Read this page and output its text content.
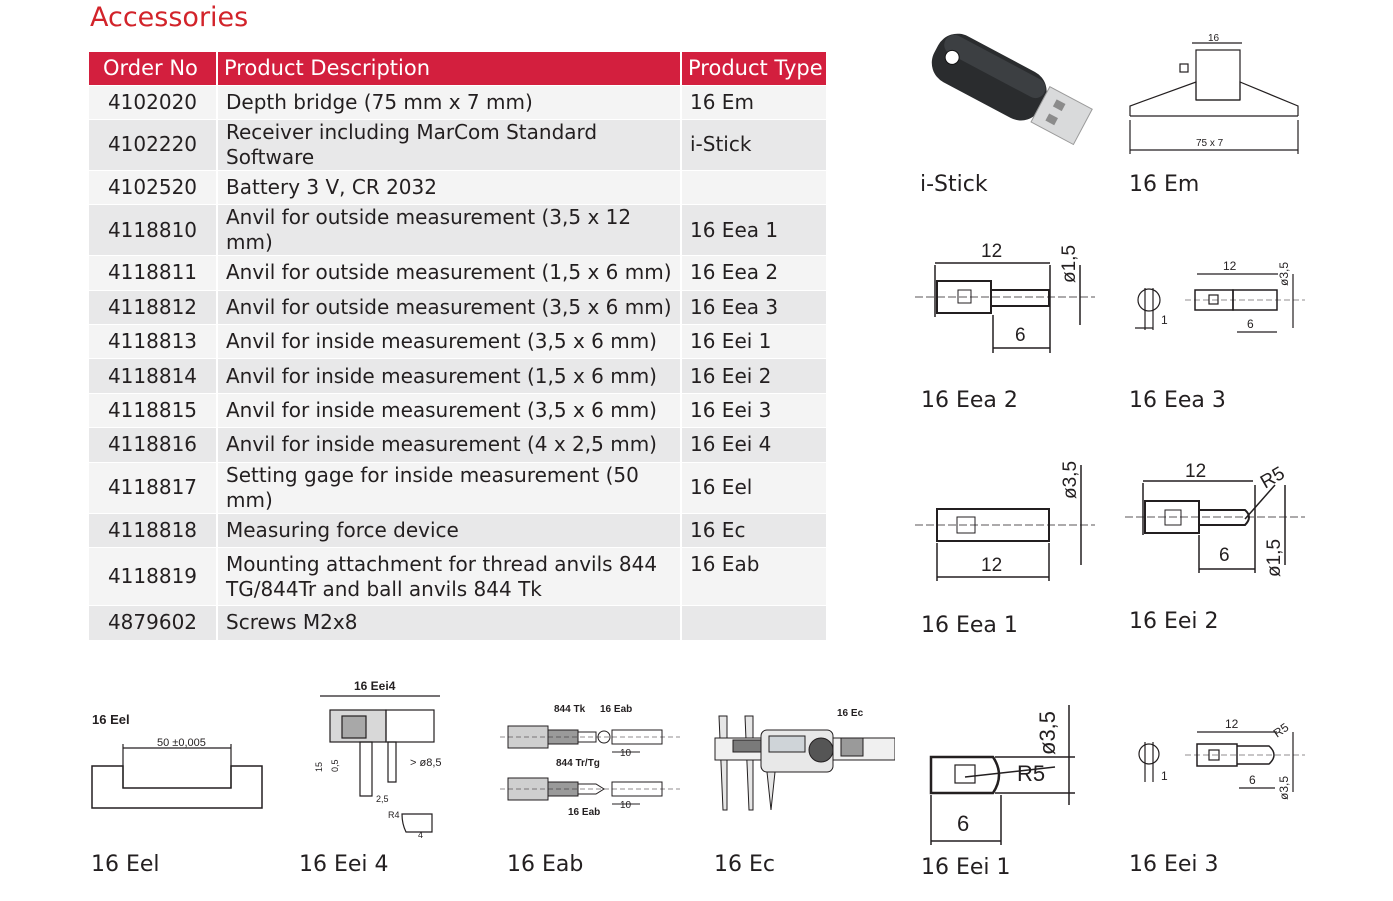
Accessories
Order No	Product Description	Product Type
4102020	Depth bridge (75 mm x 7 mm)	16 Em
4102220	Receiver including MarCom Standard Software	i-Stick
4102520	Battery 3 V, CR 2032	
4118810	Anvil for outside measurement (3,5 x 12 mm)	16 Eea 1
4118811	Anvil for outside measurement (1,5 x 6 mm)	16 Eea 2
4118812	Anvil for outside measurement (3,5 x 6 mm)	16 Eea 3
4118813	Anvil for inside measurement (3,5 x 6 mm)	16 Eei 1
4118814	Anvil for inside measurement (1,5 x 6 mm)	16 Eei 2
4118815	Anvil for inside measurement (3,5 x 6 mm)	16 Eei 3
4118816	Anvil for inside measurement (4 x 2,5 mm)	16 Eei 4
4118817	Setting gage for inside measurement (50 mm)	16 Eel
4118818	Measuring force device	16 Ec
4118819	Mounting attachment for thread anvils 844 TG/844Tr and ball anvils 844 Tk	16 Eab
4879602	Screws M2x8	
i-Stick
16
75 x 7
16 Em
12
6
ø1,5
16 Eea 2
1
12
6
ø3,5
16 Eea 3
12
ø3,5
16 Eea 1
12	R5
6 ø1,5
16 Eei 2
16 Eel
50 ±0,005
16 Eel
16 Eei4
15 0,5	> ø8,5
2,5
R4
4
16 Eei 4
844 Tk 16 Eab
10
844 Tr/Tg
10
16 Eab
16 Eab
16 Ec
16 Ec
R5
ø3,5
6
16 Eei 1
1
12	R5
6 ø3,5
16 Eei 3
